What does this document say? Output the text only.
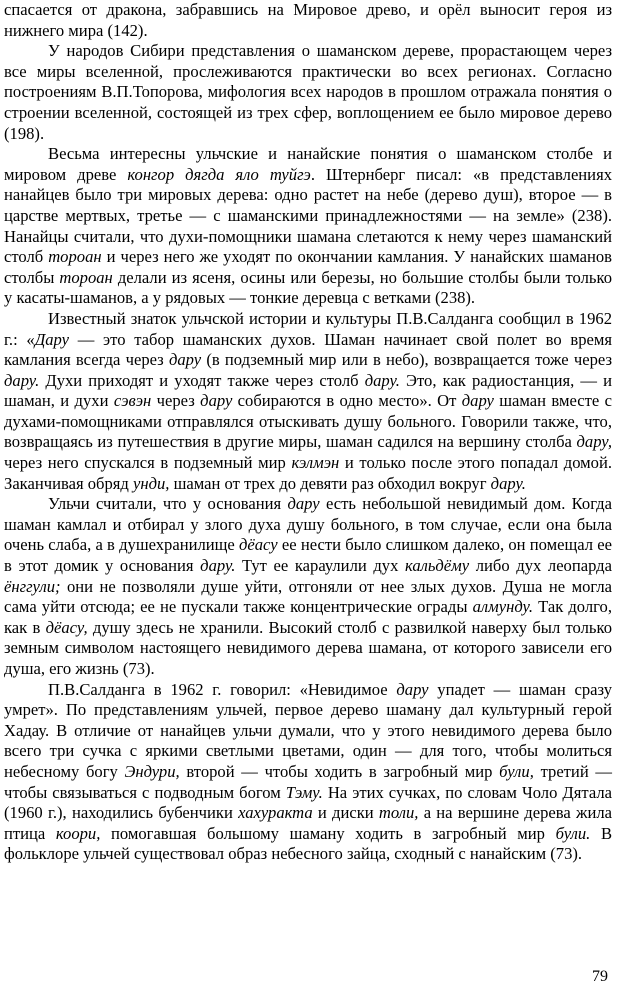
спасается от дракона, забравшись на Мировое древо, и орёл выносит героя из нижнего мира (142).

У народов Сибири представления о шаманском дереве, прорастающем через все миры вселенной, прослеживаются практически во всех регионах. Согласно построениям В.П.Топорова, мифология всех народов в прошлом отражала понятия о строении вселенной, состоящей из трех сфер, воплощением ее было мировое дерево (198).

Весьма интересны ульчские и нанайские понятия о шаманском столбе и мировом древе конгор дягда яло туйгэ. Штернберг писал: «в представлениях нанайцев было три мировых дерева: одно растет на небе (дерево душ), второе — в царстве мертвых, третье — с шаманскими принадлежностями — на земле» (238). Нанайцы считали, что духи-помощники шамана слетаются к нему через шаманский столб тороан и через него же уходят по окончании камлания. У нанайских шаманов столбы тороан делали из ясеня, осины или березы, но большие столбы были только у касаты-шаманов, а у рядовых — тонкие деревца с ветками (238).

Известный знаток ульчской истории и культуры П.В.Салданга сообщил в 1962 г.: «Дару — это табор шаманских духов. Шаман начинает свой полет во время камлания всегда через дару (в подземный мир или в небо), возвращается тоже через дару. Духи приходят и уходят также через столб дару. Это, как радиостанция, — и шаман, и духи сэвэн через дару собираются в одно место». От дару шаман вместе с духами-помощниками отправлялся отыскивать душу больного. Говорили также, что, возвращаясь из путешествия в другие миры, шаман садился на вершину столба дару, через него спускался в подземный мир кэлмэн и только после этого попадал домой. Заканчивая обряд унди, шаман от трех до девяти раз обходил вокруг дару.

Ульчи считали, что у основания дару есть небольшой невидимый дом. Когда шаман камлал и отбирал у злого духа душу больного, в том случае, если она была очень слаба, а в душехранилище дёасу ее нести было слишком далеко, он помещал ее в этот домик у основания дару. Тут ее караулили дух кальдёму либо дух леопарда ёнггули; они не позволяли душе уйти, отгоняли от нее злых духов. Душа не могла сама уйти отсюда; ее не пускали также концентрические ограды алмунду. Так долго, как в дёасу, душу здесь не хранили. Высокий столб с развилкой наверху был только земным символом настоящего невидимого дерева шамана, от которого зависели его душа, его жизнь (73).

П.В.Салданга в 1962 г. говорил: «Невидимое дару упадет — шаман сразу умрет». По представлениям ульчей, первое дерево шаману дал культурный герой Хадау. В отличие от нанайцев ульчи думали, что у этого невидимого дерева было всего три сучка с яркими светлыми цветами, один — для того, чтобы молиться небесному богу Эндури, второй — чтобы ходить в загробный мир були, третий — чтобы связываться с подводным богом Тэму. На этих сучках, по словам Чоло Дятала (1960 г.), находились бубенчики хахуракта и диски толи, а на вершине дерева жила птица коори, помогавшая большому шаману ходить в загробный мир були. В фольклоре ульчей существовал образ небесного зайца, сходный с нанайским (73).

79
